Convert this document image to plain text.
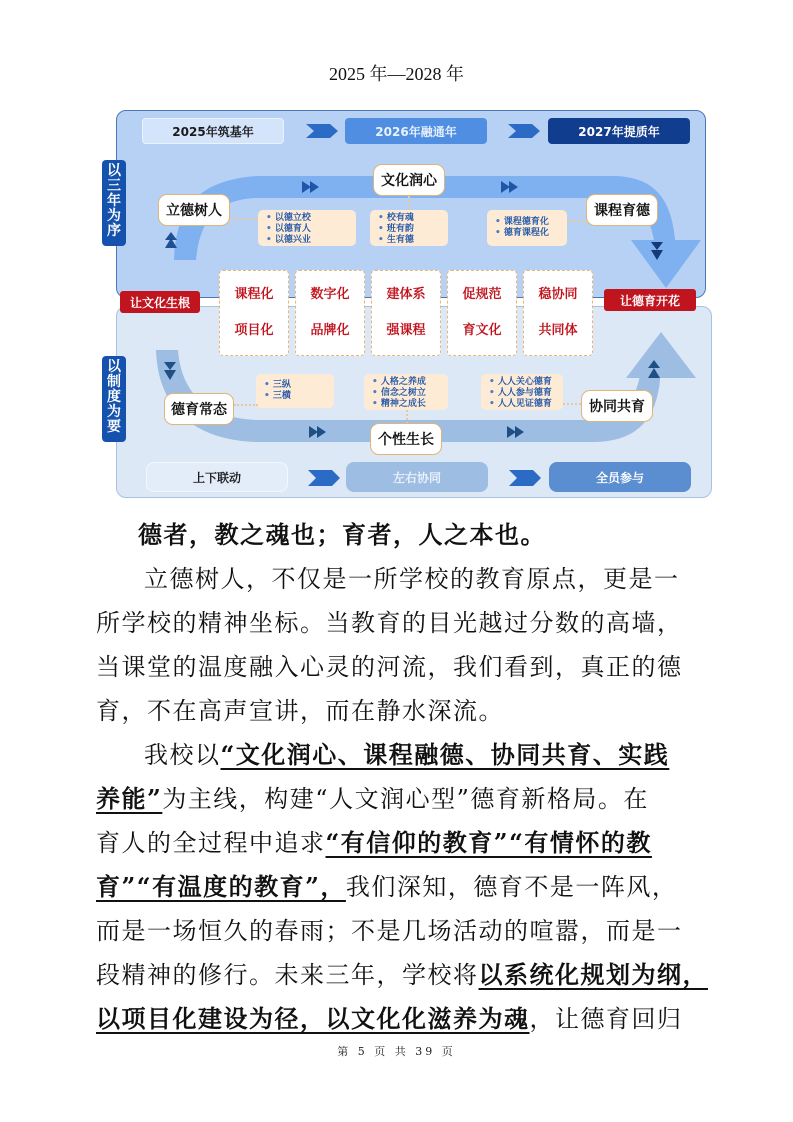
2025 年—2028 年
2025年筑基年	2026年融通年	2027年提质年
以三年为序
以制度为要
立德树人	• 以德立校
• 以德育人
• 以德兴业
文化润心
• 校有魂
• 班有韵
• 生有德
• 课程德育化
• 德育课程化
课程育德
让文化生根	让德育开花
课程化
项目化
数字化
品牌化
建体系
强课程
促规范
育文化
稳协同
共同体
• 三纵
• 三横
德育常态
• 人格之养成
• 信念之树立
• 精神之成长
个性生长
• 人人关心德育
• 人人参与德育
• 人人见证德育	协同共育
上下联动	左右协同	全员参与
德者，教之魂也；育者，人之本也。
立德树人，不仅是一所学校的教育原点，更是一
所学校的精神坐标。当教育的目光越过分数的高墙，
当课堂的温度融入心灵的河流，我们看到，真正的德
育，不在高声宣讲，而在静水深流。
我校以“文化润心、课程融德、协同共育、实践
养能”为主线，构建“人文润心型”德育新格局。在
育人的全过程中追求“有信仰的教育”“有情怀的教
育”“有温度的教育”，我们深知，德育不是一阵风，
而是一场恒久的春雨；不是几场活动的喧嚣，而是一
段精神的修行。未来三年，学校将以系统化规划为纲，
以项目化建设为径，以文化化滋养为魂，让德育回归
第 5 页 共 39 页
